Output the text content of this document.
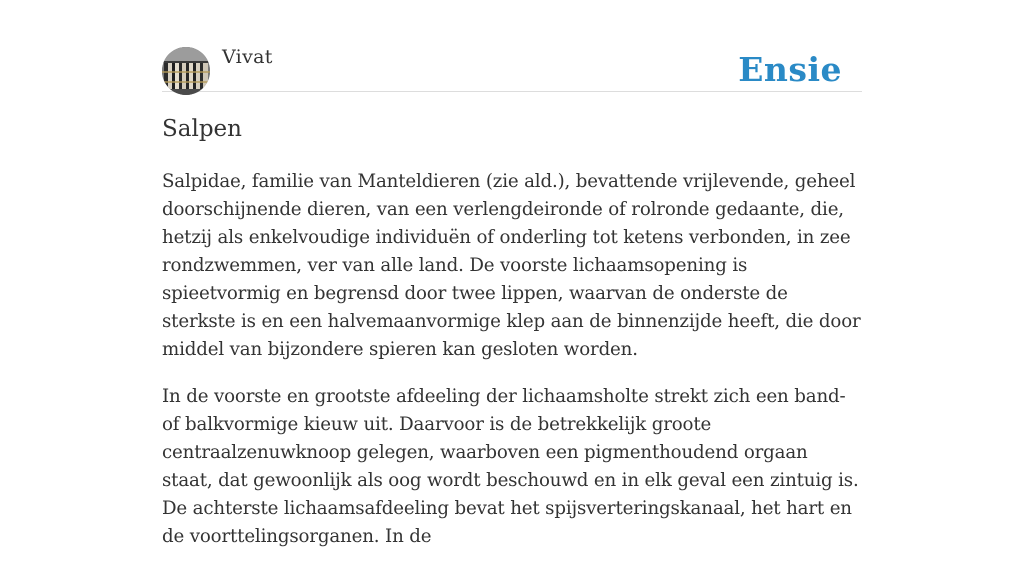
Vivat	Ensie
Salpen

Salpidae, familie van Manteldieren (zie ald.), bevattende vrijlevende, geheel doorschijnende dieren, van een verlengdeironde of rolronde gedaante, die, hetzij als enkelvoudige individuën of onderling tot ketens verbonden, in zee rondzwemmen, ver van alle land. De voorste lichaamsopening is spieetvormig en begrensd door twee lippen, waarvan de onderste de sterkste is en een halvemaanvormige klep aan de binnenzijde heeft, die door middel van bijzondere spieren kan gesloten worden.

In de voorste en grootste afdeeling der lichaamsholte strekt zich een band- of balkvormige kieuw uit. Daarvoor is de betrekkelijk groote centraalzenuwknoop gelegen, waarboven een pigmenthoudend orgaan staat, dat gewoonlijk als oog wordt beschouwd en in elk geval een zintuig is. De achterste lichaamsafdeeling bevat het spijsverteringskanaal, het hart en de voorttelingsorganen. In de
